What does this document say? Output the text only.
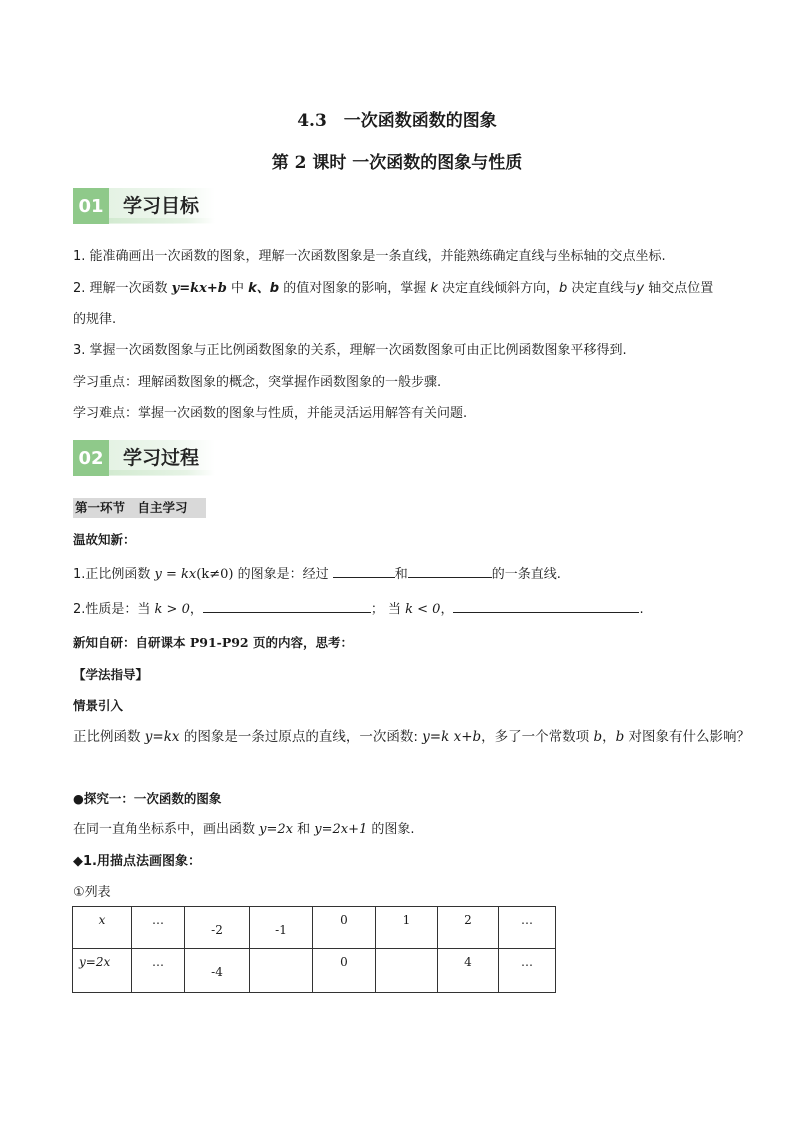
4.3　一次函数函数的图象
第 2 课时 一次函数的图象与性质
01 学习目标
1. 能准确画出一次函数的图象，理解一次函数图象是一条直线，并能熟练确定直线与坐标轴的交点坐标.
2. 理解一次函数 y=kx+b 中 k、b 的值对图象的影响，掌握 k 决定直线倾斜方向，b 决定直线与y 轴交点位置
的规律.
3. 掌握一次函数图象与正比例函数图象的关系，理解一次函数图象可由正比例函数图象平移得到.
学习重点：理解函数图象的概念，突掌握作函数图象的一般步骤.
学习难点：掌握一次函数的图象与性质，并能灵活运用解答有关问题.
02 学习过程
第一环节　自主学习
温故知新：
1.正比例函数 y = kx(k≠0) 的图象是：经过	和	的一条直线.
2.性质是：当 k > 0，	； 当 k < 0，	.
新知自研：自研课本 P91-P92 页的内容，思考：
【学法指导】
情景引入
正比例函数 y=kx 的图象是一条过原点的直线，一次函数: y=k x+b，多了一个常数项 b，b 对图象有什么影响？
●探究一：一次函数的图象
在同一直角坐标系中，画出函数 y=2x 和 y=2x+1 的图象.
◆1.用描点法画图象：
①列表
x	…	-2	-1	0	1	2	…
y=2x	…	-4		0		4	…
